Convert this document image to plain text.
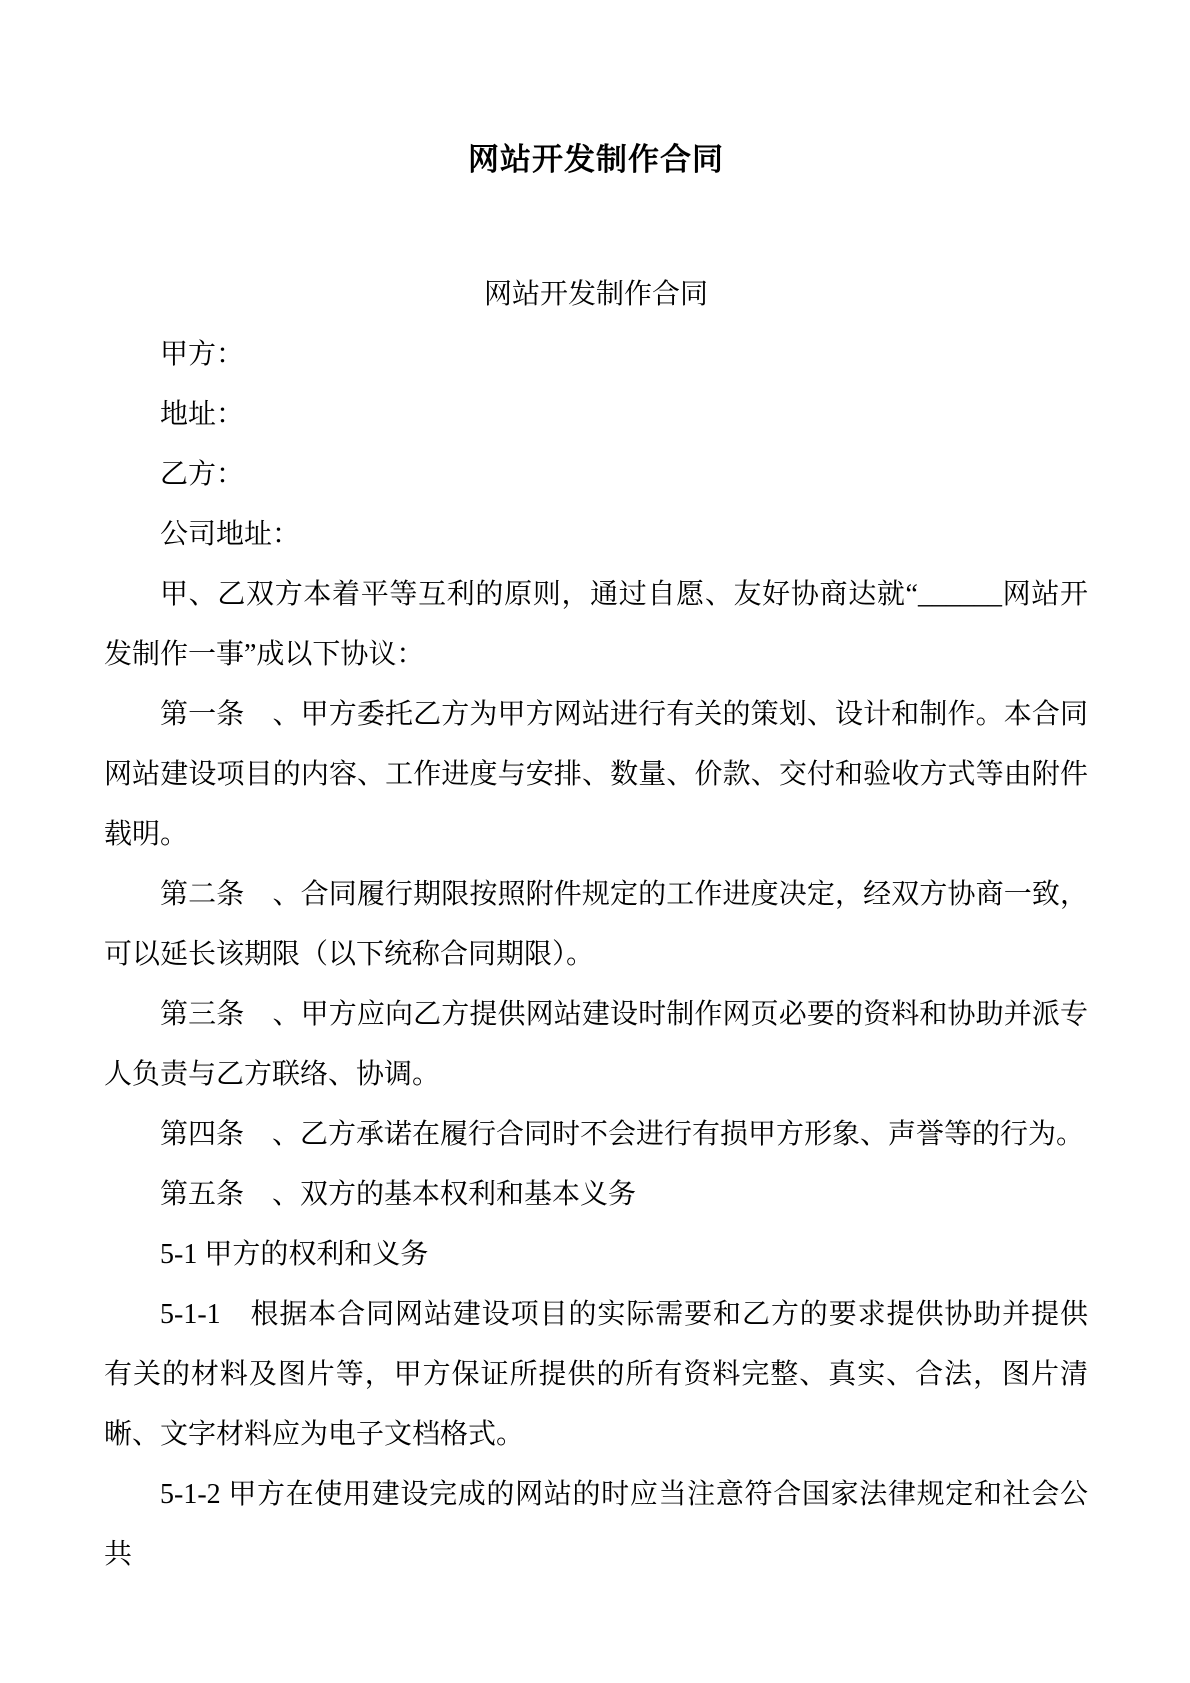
网站开发制作合同
网站开发制作合同

甲方：

地址：

乙方：

公司地址：

甲、乙双方本着平等互利的原则，通过自愿、友好协商达就“______网站开发制作一事”成以下协议：

第一条　、甲方委托乙方为甲方网站进行有关的策划、设计和制作。本合同网站建设项目的内容、工作进度与安排、数量、价款、交付和验收方式等由附件载明。

第二条　、合同履行期限按照附件规定的工作进度决定，经双方协商一致，可以延长该期限（以下统称合同期限）。

第三条　、甲方应向乙方提供网站建设时制作网页必要的资料和协助并派专人负责与乙方联络、协调。

第四条　、乙方承诺在履行合同时不会进行有损甲方形象、声誉等的行为。

第五条　、双方的基本权利和基本义务

5-1 甲方的权利和义务

5-1-1　根据本合同网站建设项目的实际需要和乙方的要求提供协助并提供有关的材料及图片等，甲方保证所提供的所有资料完整、真实、合法，图片清晰、文字材料应为电子文档格式。

5-1-2 甲方在使用建设完成的网站的时应当注意符合国家法律规定和社会公共
